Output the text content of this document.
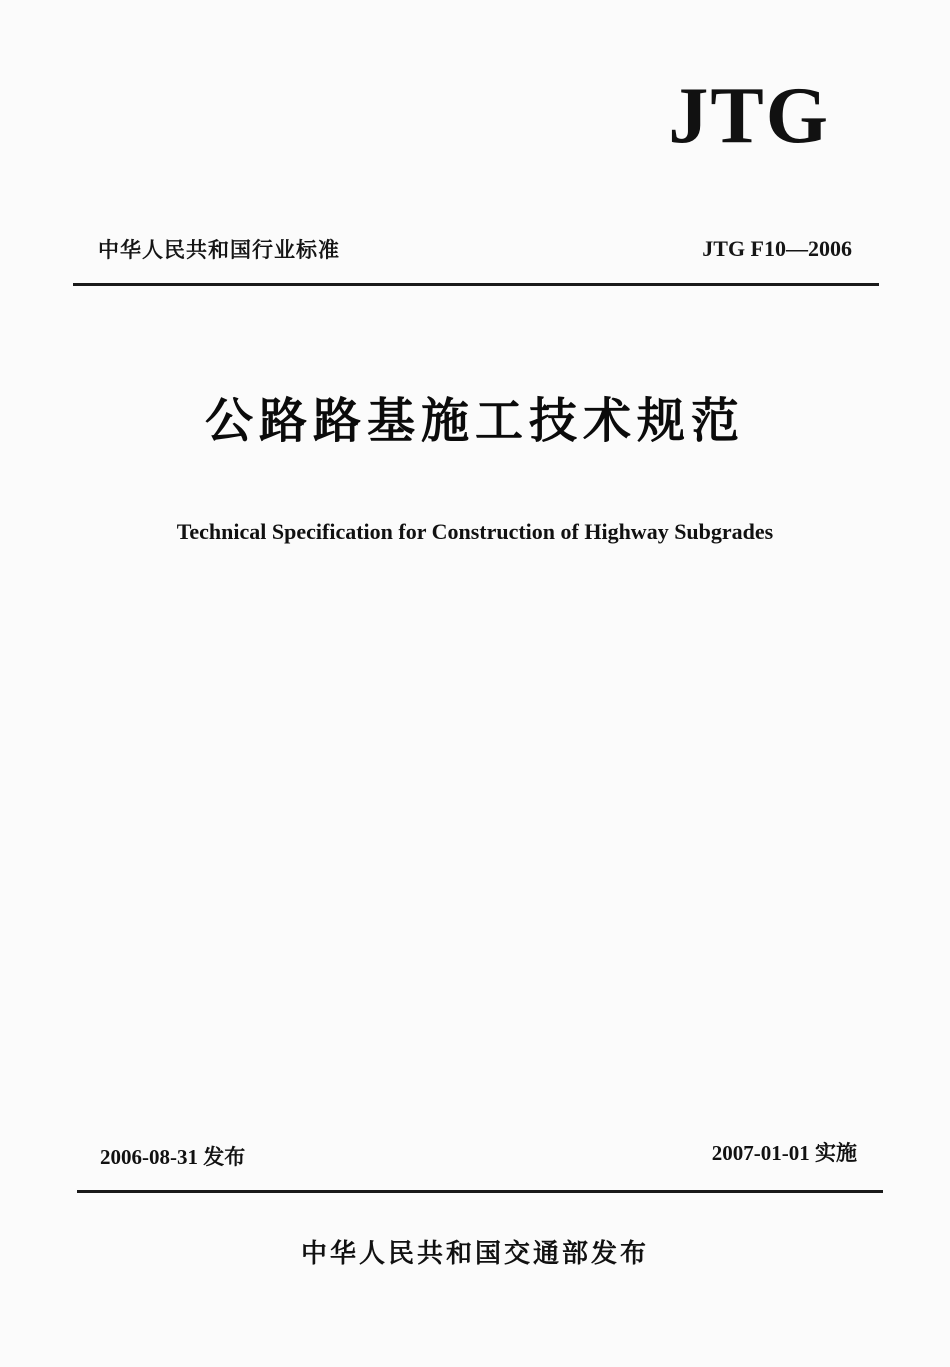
JTG
中华人民共和国行业标准	JTG F10—2006
公路路基施工技术规范
Technical Specification for Construction of Highway Subgrades
2006-08-31 发布	2007-01-01 实施
中华人民共和国交通部发布
